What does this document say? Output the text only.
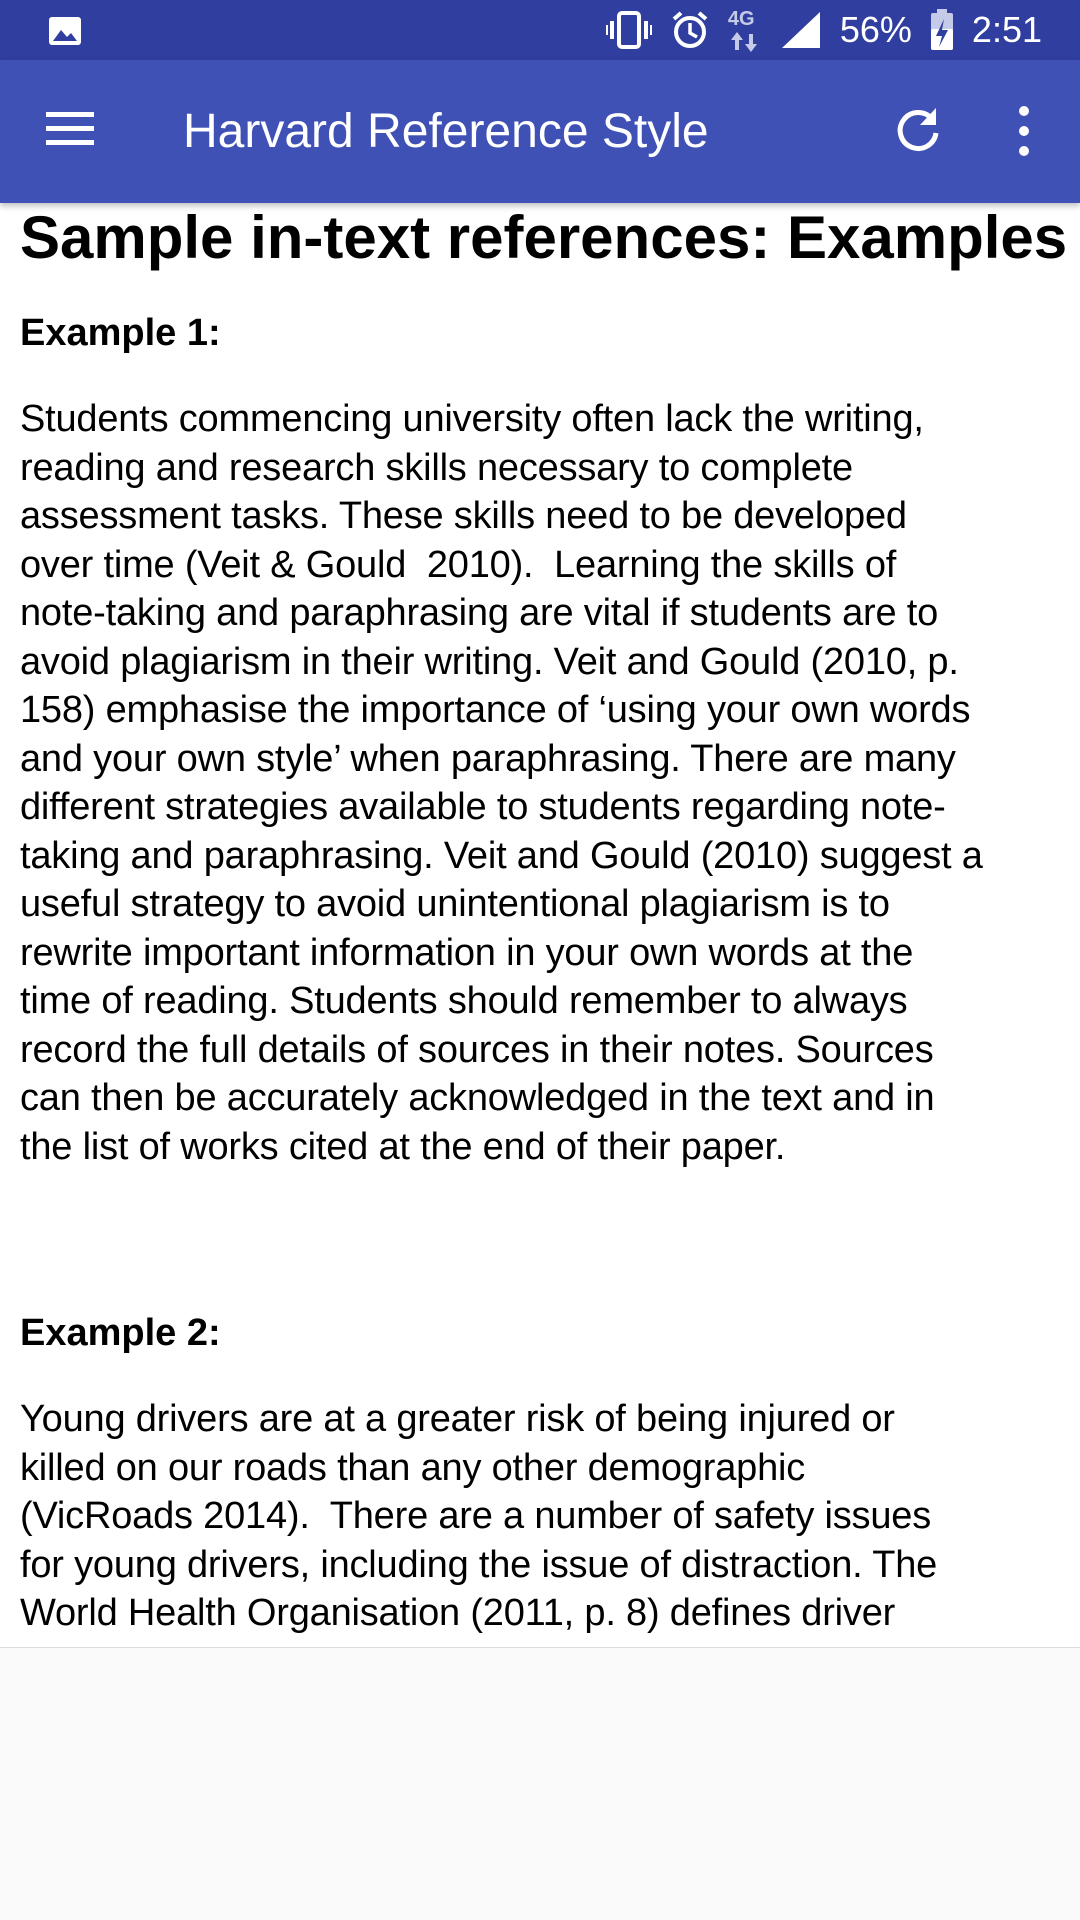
4G 56% 2:51
Harvard Reference Style
Sample in-text references: Examples

Example 1:

Students commencing university often lack the writing,
reading and research skills necessary to complete
assessment tasks. These skills need to be developed
over time (Veit & Gould  2010).  Learning the skills of
note-taking and paraphrasing are vital if students are to
avoid plagiarism in their writing. Veit and Gould (2010, p.
158) emphasise the importance of ‘using your own words
and your own style’ when paraphrasing. There are many
different strategies available to students regarding note-
taking and paraphrasing. Veit and Gould (2010) suggest a
useful strategy to avoid unintentional plagiarism is to
rewrite important information in your own words at the
time of reading. Students should remember to always
record the full details of sources in their notes. Sources
can then be accurately acknowledged in the text and in
the list of works cited at the end of their paper.

Example 2:

Young drivers are at a greater risk of being injured or
killed on our roads than any other demographic
(VicRoads 2014).  There are a number of safety issues
for young drivers, including the issue of distraction. The
World Health Organisation (2011, p. 8) defines driver
